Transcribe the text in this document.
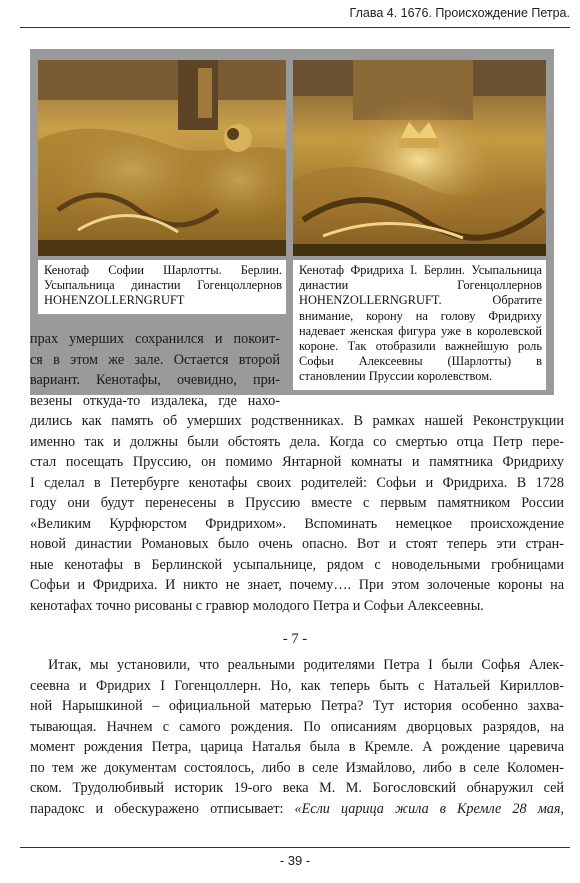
Глава 4. 1676. Происхождение Петра.
Кенотаф Софии Шарлотты. Берлин. Усыпальница династии Гогенцоллернов HOHENZOLLERNGRUFT
Кенотаф Фридриха I. Берлин. Усыпальница династии Гогенцоллернов HOHENZOLLERNGRUFT. Обратите внимание, корону на голову Фридриху надевает женская фигура уже в королевской короне. Так отобразили важнейшую роль Софьи Алексеевны (Шарлотты) в становлении Пруссии королевством.
прах умерших сохранился и покоит-
ся в этом же зале. Остается второй
вариант. Кенотафы, очевидно, при-
везены откуда-то издалека, где нахо-
дились как память об умерших родственниках. В рамках нашей Реконструкции
именно так и должны были обстоять дела. Когда со смертью отца Петр пере-
стал посещать Пруссию, он помимо Янтарной комнаты и памятника Фридриху
I сделал в Петербурге кенотафы своих родителей: Софьи и Фридриха. В 1728
году они будут перенесены в Пруссию вместе с первым памятником России
«Великим Курфюрстом Фридрихом». Вспоминать немецкое происхождение
новой династии Романовых было очень опасно. Вот и стоят теперь эти стран-
ные кенотафы в Берлинской усыпальнице, рядом с новодельными гробницами
Софьи и Фридриха. И никто не знает, почему…. При этом золоченые короны на
кенотафах точно рисованы с гравюр молодого Петра и Софьи Алексеевны.
- 7 -
Итак, мы установили, что реальными родителями Петра I были Софья Алек-
сеевна и Фридрих I Гогенцоллерн. Но, как теперь быть с Натальей Кириллов-
ной Нарышкиной – официальной матерью Петра? Тут история особенно захва-
тывающая. Начнем с самого рождения. По описаниям дворцовых разрядов, на
момент рождения Петра, царица Наталья была в Кремле. А рождение царевича
по тем же документам состоялось, либо в селе Измайлово, либо в селе Коломен-
ском. Трудолюбивый историк 19-ого века М. М. Богословский обнаружил сей
парадокс и обескуражено отписывает: «Если царица жила в Кремле 28 мая,
- 39 -
